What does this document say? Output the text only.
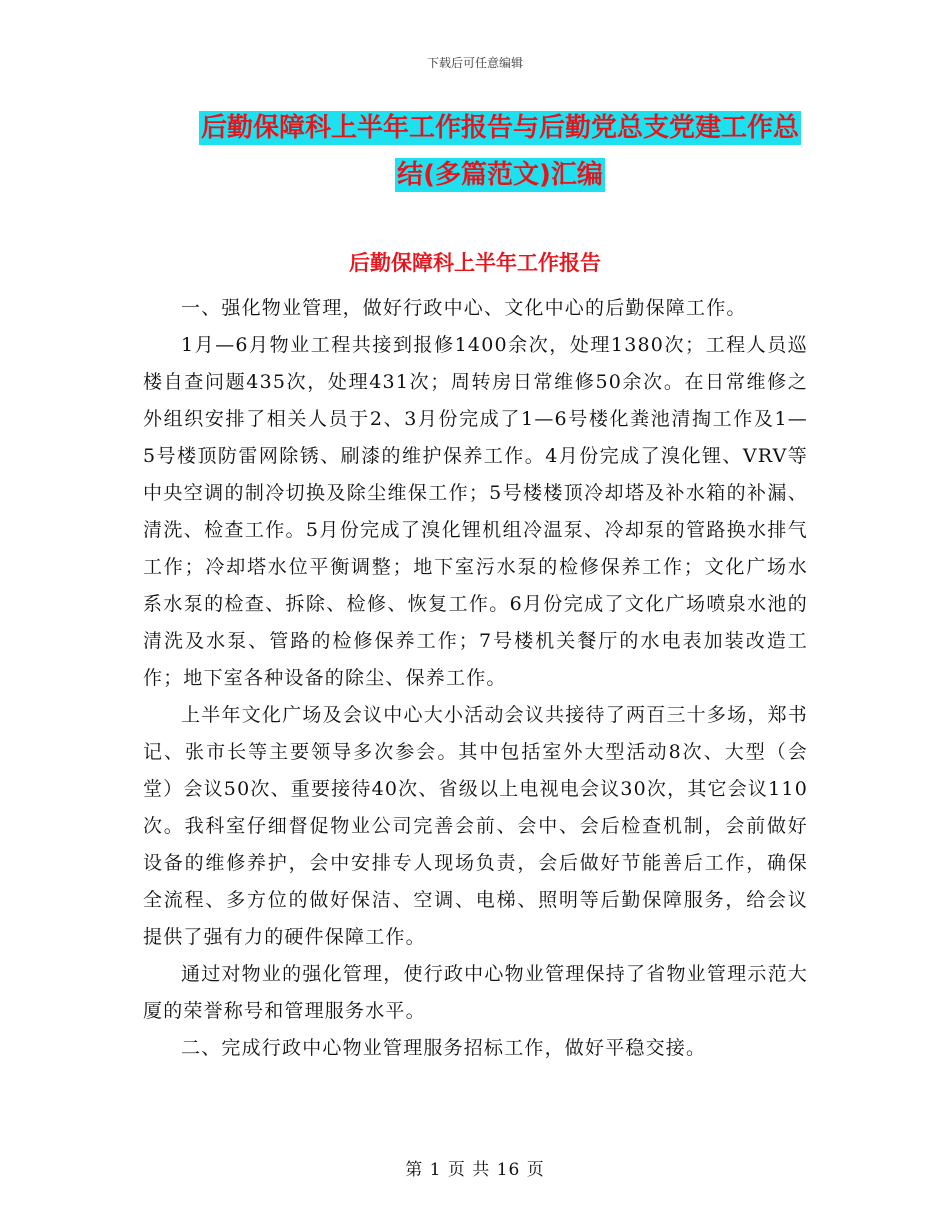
下载后可任意编辑
后勤保障科上半年工作报告与后勤党总支党建工作总
结(多篇范文)汇编
后勤保障科上半年工作报告

一、强化物业管理，做好行政中心、文化中心的后勤保障工作。

1月—6月物业工程共接到报修1400余次，处理1380次；工程人员巡楼自查问题435次，处理431次；周转房日常维修50余次。在日常维修之外组织安排了相关人员于2、3月份完成了1—6号楼化粪池清掏工作及1—5号楼顶防雷网除锈、刷漆的维护保养工作。4月份完成了溴化锂、VRV等中央空调的制冷切换及除尘维保工作；5号楼楼顶冷却塔及补水箱的补漏、清洗、检查工作。5月份完成了溴化锂机组冷温泵、冷却泵的管路换水排气工作；冷却塔水位平衡调整；地下室污水泵的检修保养工作；文化广场水系水泵的检查、拆除、检修、恢复工作。6月份完成了文化广场喷泉水池的清洗及水泵、管路的检修保养工作；7号楼机关餐厅的水电表加装改造工作；地下室各种设备的除尘、保养工作。

上半年文化广场及会议中心大小活动会议共接待了两百三十多场，郑书记、张市长等主要领导多次参会。其中包括室外大型活动8次、大型（会堂）会议50次、重要接待40次、省级以上电视电会议30次，其它会议110次。我科室仔细督促物业公司完善会前、会中、会后检查机制，会前做好设备的维修养护，会中安排专人现场负责，会后做好节能善后工作，确保全流程、多方位的做好保洁、空调、电梯、照明等后勤保障服务，给会议提供了强有力的硬件保障工作。

通过对物业的强化管理，使行政中心物业管理保持了省物业管理示范大厦的荣誉称号和管理服务水平。

二、完成行政中心物业管理服务招标工作，做好平稳交接。

第 1 页 共 16 页
